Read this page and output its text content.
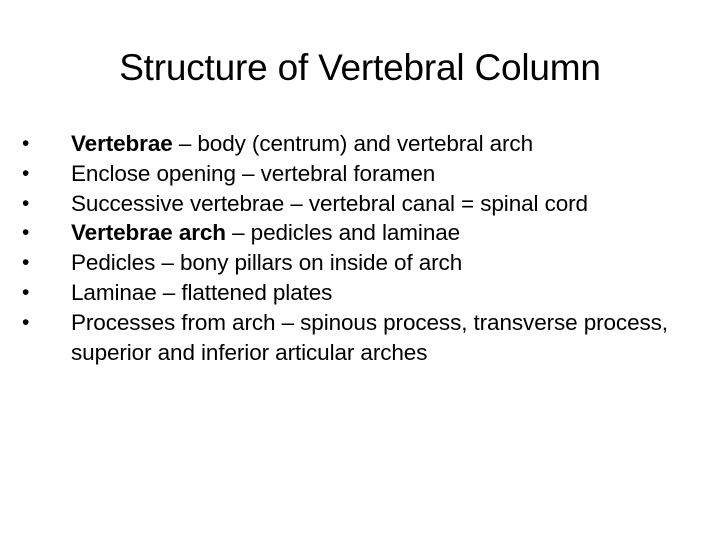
Structure of Vertebral Column
•	Vertebrae – body (centrum) and vertebral arch
•	Enclose opening – vertebral foramen
•	Successive vertebrae – vertebral canal = spinal cord
•	Vertebrae arch – pedicles and laminae
•	Pedicles – bony pillars on inside of arch
•	Laminae – flattened plates
•	Processes from arch – spinous process, transverse process, superior and inferior articular arches
